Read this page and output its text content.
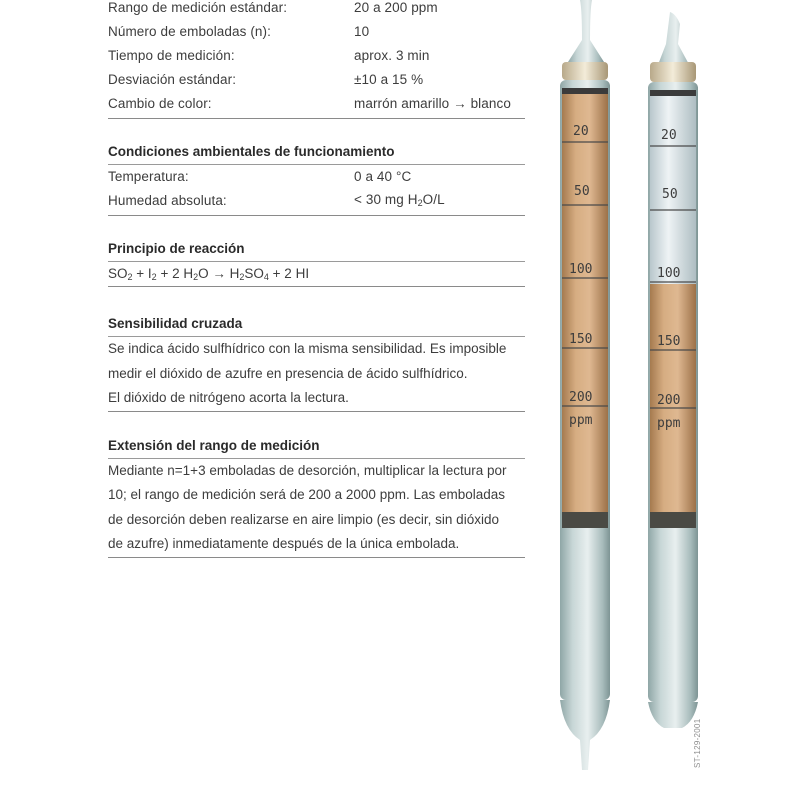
Rango de medición estándar:	20 a 200 ppm
Número de emboladas (n):	10
Tiempo de medición:	aprox. 3 min
Desviación estándar:	±10 a 15 %
Cambio de color:	marrón amarillo → blanco
Condiciones ambientales de funcionamiento
Temperatura:	0 a 40 °C
Humedad absoluta:	< 30 mg $H_2O/L$
Principio de reacción
$SO_2 + I_2 + 2$ $H_2O \to H_2SO_4 + 2$ HI
Sensibilidad cruzada
Se indica ácido sulfhídrico con la misma sensibilidad. Es imposible
medir el dióxido de azufre en presencia de ácido sulfhídrico.
El dióxido de nitrógeno acorta la lectura.
Extensión del rango de medición
Mediante n=1+3 emboladas de desorción, multiplicar la lectura por
10; el rango de medición será de 200 a 2000 ppm. Las emboladas
de desorción deben realizarse en aire limpio (es decir, sin dióxido
de azufre) inmediatamente después de la única embolada.
20
50
100
150
200
ppm
20
50
100
150
200
ppm
ST-129-2001
